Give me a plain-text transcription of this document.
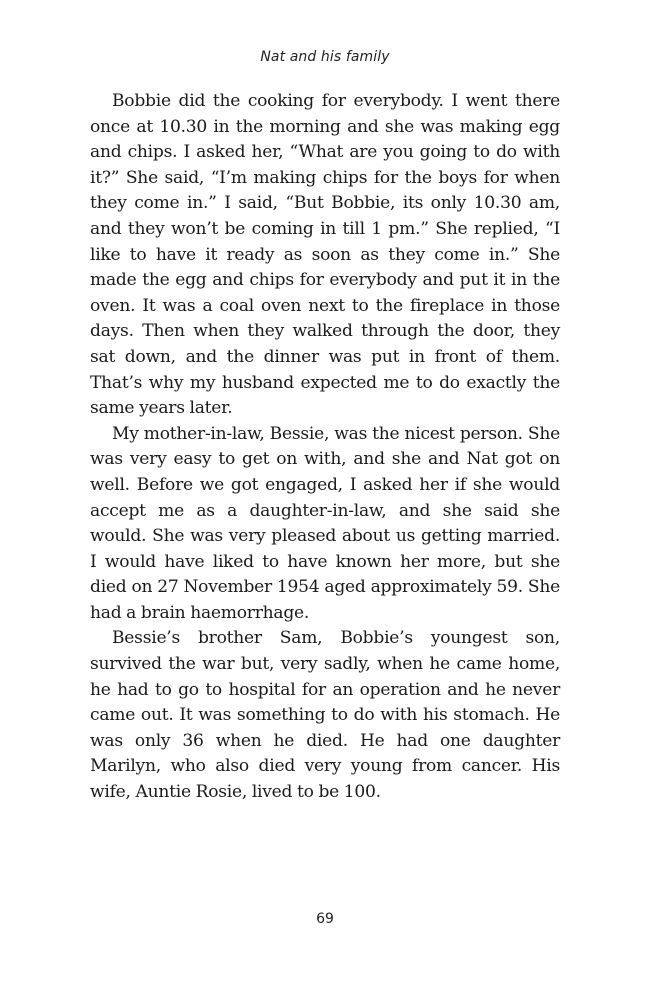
Nat and his family

Bobbie did the cooking for everybody. I went there once at 10.30 in the morning and she was making egg and chips. I asked her, “What are you going to do with it?” She said, “I’m making chips for the boys for when they come in.” I said, “But Bobbie, its only 10.30 am, and they won’t be coming in till 1 pm.” She replied, “I like to have it ready as soon as they come in.” She made the egg and chips for everybody and put it in the oven. It was a coal oven next to the fireplace in those days. Then when they walked through the door, they sat down, and the dinner was put in front of them. That’s why my husband expected me to do exactly the same years later.

My mother-in-law, Bessie, was the nicest person. She was very easy to get on with, and she and Nat got on well. Before we got engaged, I asked her if she would accept me as a daughter-in-law, and she said she would. She was very pleased about us getting married. I would have liked to have known her more, but she died on 27 November 1954 aged approximately 59. She had a brain haemorrhage.

Bessie’s brother Sam, Bobbie’s youngest son, survived the war but, very sadly, when he came home, he had to go to hospital for an operation and he never came out. It was something to do with his stomach. He was only 36 when he died. He had one daughter Marilyn, who also died very young from cancer. His wife, Auntie Rosie, lived to be 100.

69
